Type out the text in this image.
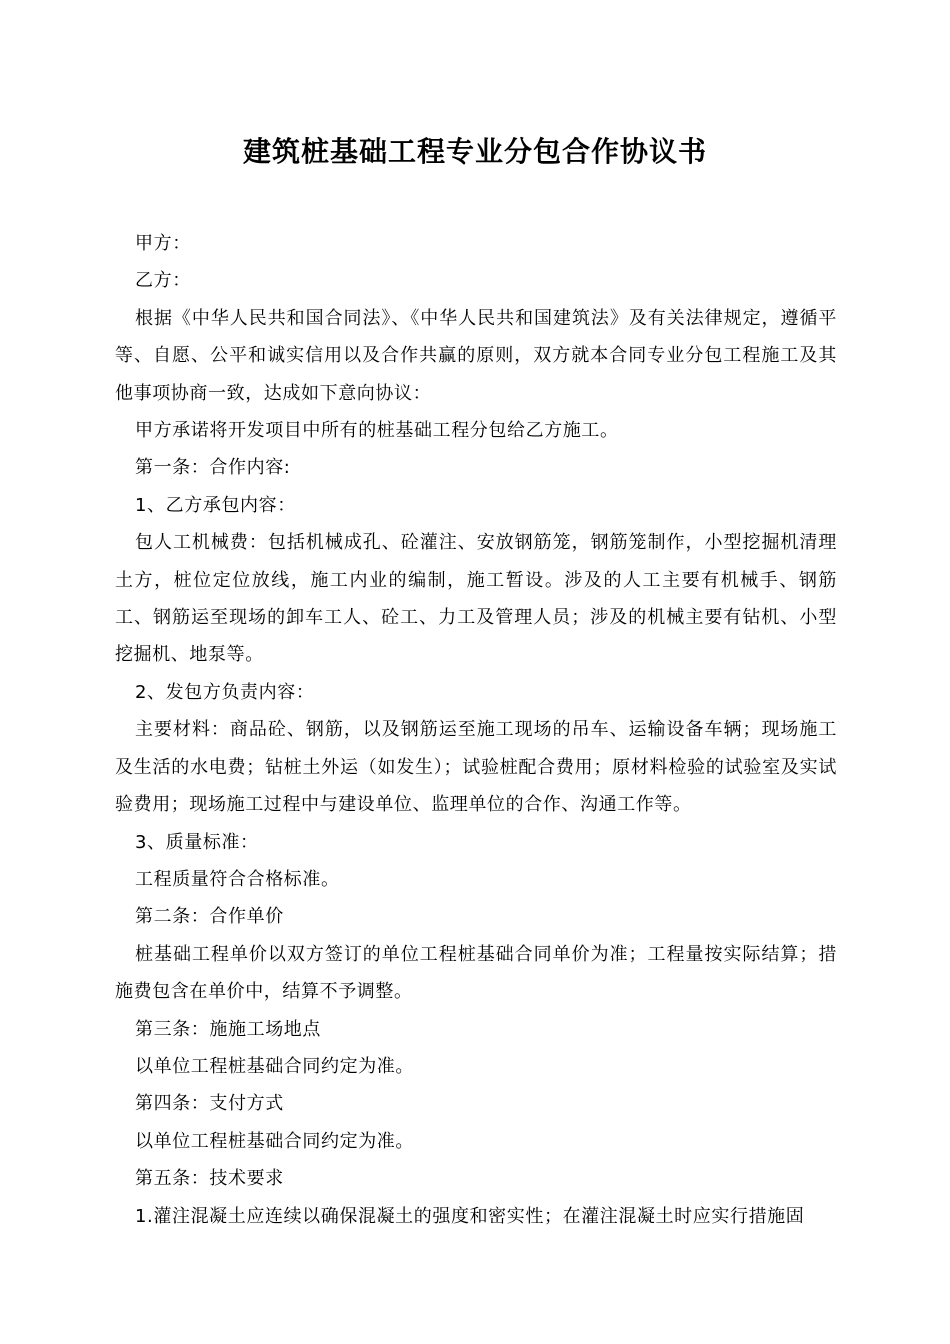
建筑桩基础工程专业分包合作协议书

甲方：

乙方：

根据《中华人民共和国合同法》、《中华人民共和国建筑法》及有关法律规定，遵循平等、自愿、公平和诚实信用以及合作共赢的原则，双方就本合同专业分包工程施工及其他事项协商一致，达成如下意向协议：

甲方承诺将开发项目中所有的桩基础工程分包给乙方施工。

第一条：合作内容:

1、乙方承包内容：

包人工机械费：包括机械成孔、砼灌注、安放钢筋笼，钢筋笼制作，小型挖掘机清理土方，桩位定位放线，施工内业的编制，施工暂设。涉及的人工主要有机械手、钢筋工、钢筋运至现场的卸车工人、砼工、力工及管理人员；涉及的机械主要有钻机、小型挖掘机、地泵等。

2、发包方负责内容：

主要材料：商品砼、钢筋，以及钢筋运至施工现场的吊车、运输设备车辆；现场施工及生活的水电费；钻桩土外运（如发生）；试验桩配合费用；原材料检验的试验室及实试验费用；现场施工过程中与建设单位、监理单位的合作、沟通工作等。

3、质量标准：

工程质量符合合格标准。

第二条：合作单价

桩基础工程单价以双方签订的单位工程桩基础合同单价为准；工程量按实际结算；措施费包含在单价中，结算不予调整。

第三条：施施工场地点

以单位工程桩基础合同约定为准。

第四条：支付方式

以单位工程桩基础合同约定为准。

第五条：技术要求

1.灌注混凝土应连续以确保混凝土的强度和密实性；在灌注混凝土时应实行措施固
